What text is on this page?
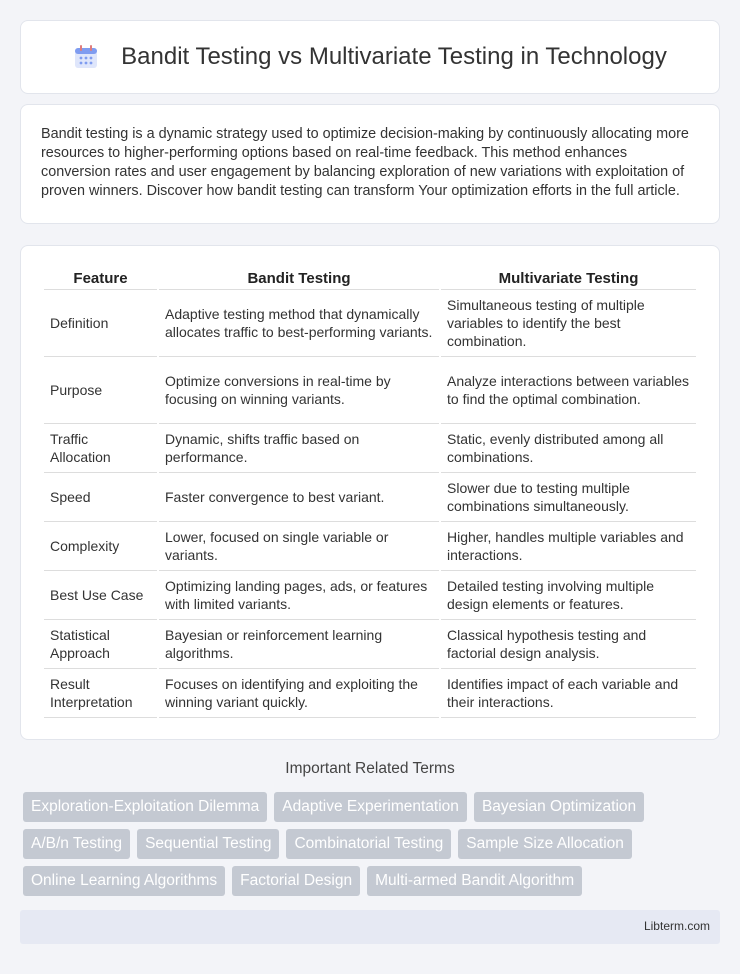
Bandit Testing vs Multivariate Testing in Technology

Bandit testing is a dynamic strategy used to optimize decision-making by continuously allocating more resources to higher-performing options based on real-time feedback. This method enhances conversion rates and user engagement by balancing exploration of new variations with exploitation of proven winners. Discover how bandit testing can transform Your optimization efforts in the full article.

Feature	Bandit Testing	Multivariate Testing
Definition	Adaptive testing method that dynamically allocates traffic to best-performing variants.	Simultaneous testing of multiple variables to identify the best combination.
Purpose	Optimize conversions in real-time by focusing on winning variants.	Analyze interactions between variables to find the optimal combination.
Traffic Allocation	Dynamic, shifts traffic based on performance.	Static, evenly distributed among all combinations.
Speed	Faster convergence to best variant.	Slower due to testing multiple combinations simultaneously.
Complexity	Lower, focused on single variable or variants.	Higher, handles multiple variables and interactions.
Best Use Case	Optimizing landing pages, ads, or features with limited variants.	Detailed testing involving multiple design elements or features.
Statistical Approach	Bayesian or reinforcement learning algorithms.	Classical hypothesis testing and factorial design analysis.
Result Interpretation	Focuses on identifying and exploiting the winning variant quickly.	Identifies impact of each variable and their interactions.
Important Related Terms
Exploration-Exploitation Dilemma	Adaptive Experimentation	Bayesian Optimization
A/B/n Testing	Sequential Testing	Combinatorial Testing	Sample Size Allocation
Online Learning Algorithms	Factorial Design	Multi-armed Bandit Algorithm
Libterm.com
